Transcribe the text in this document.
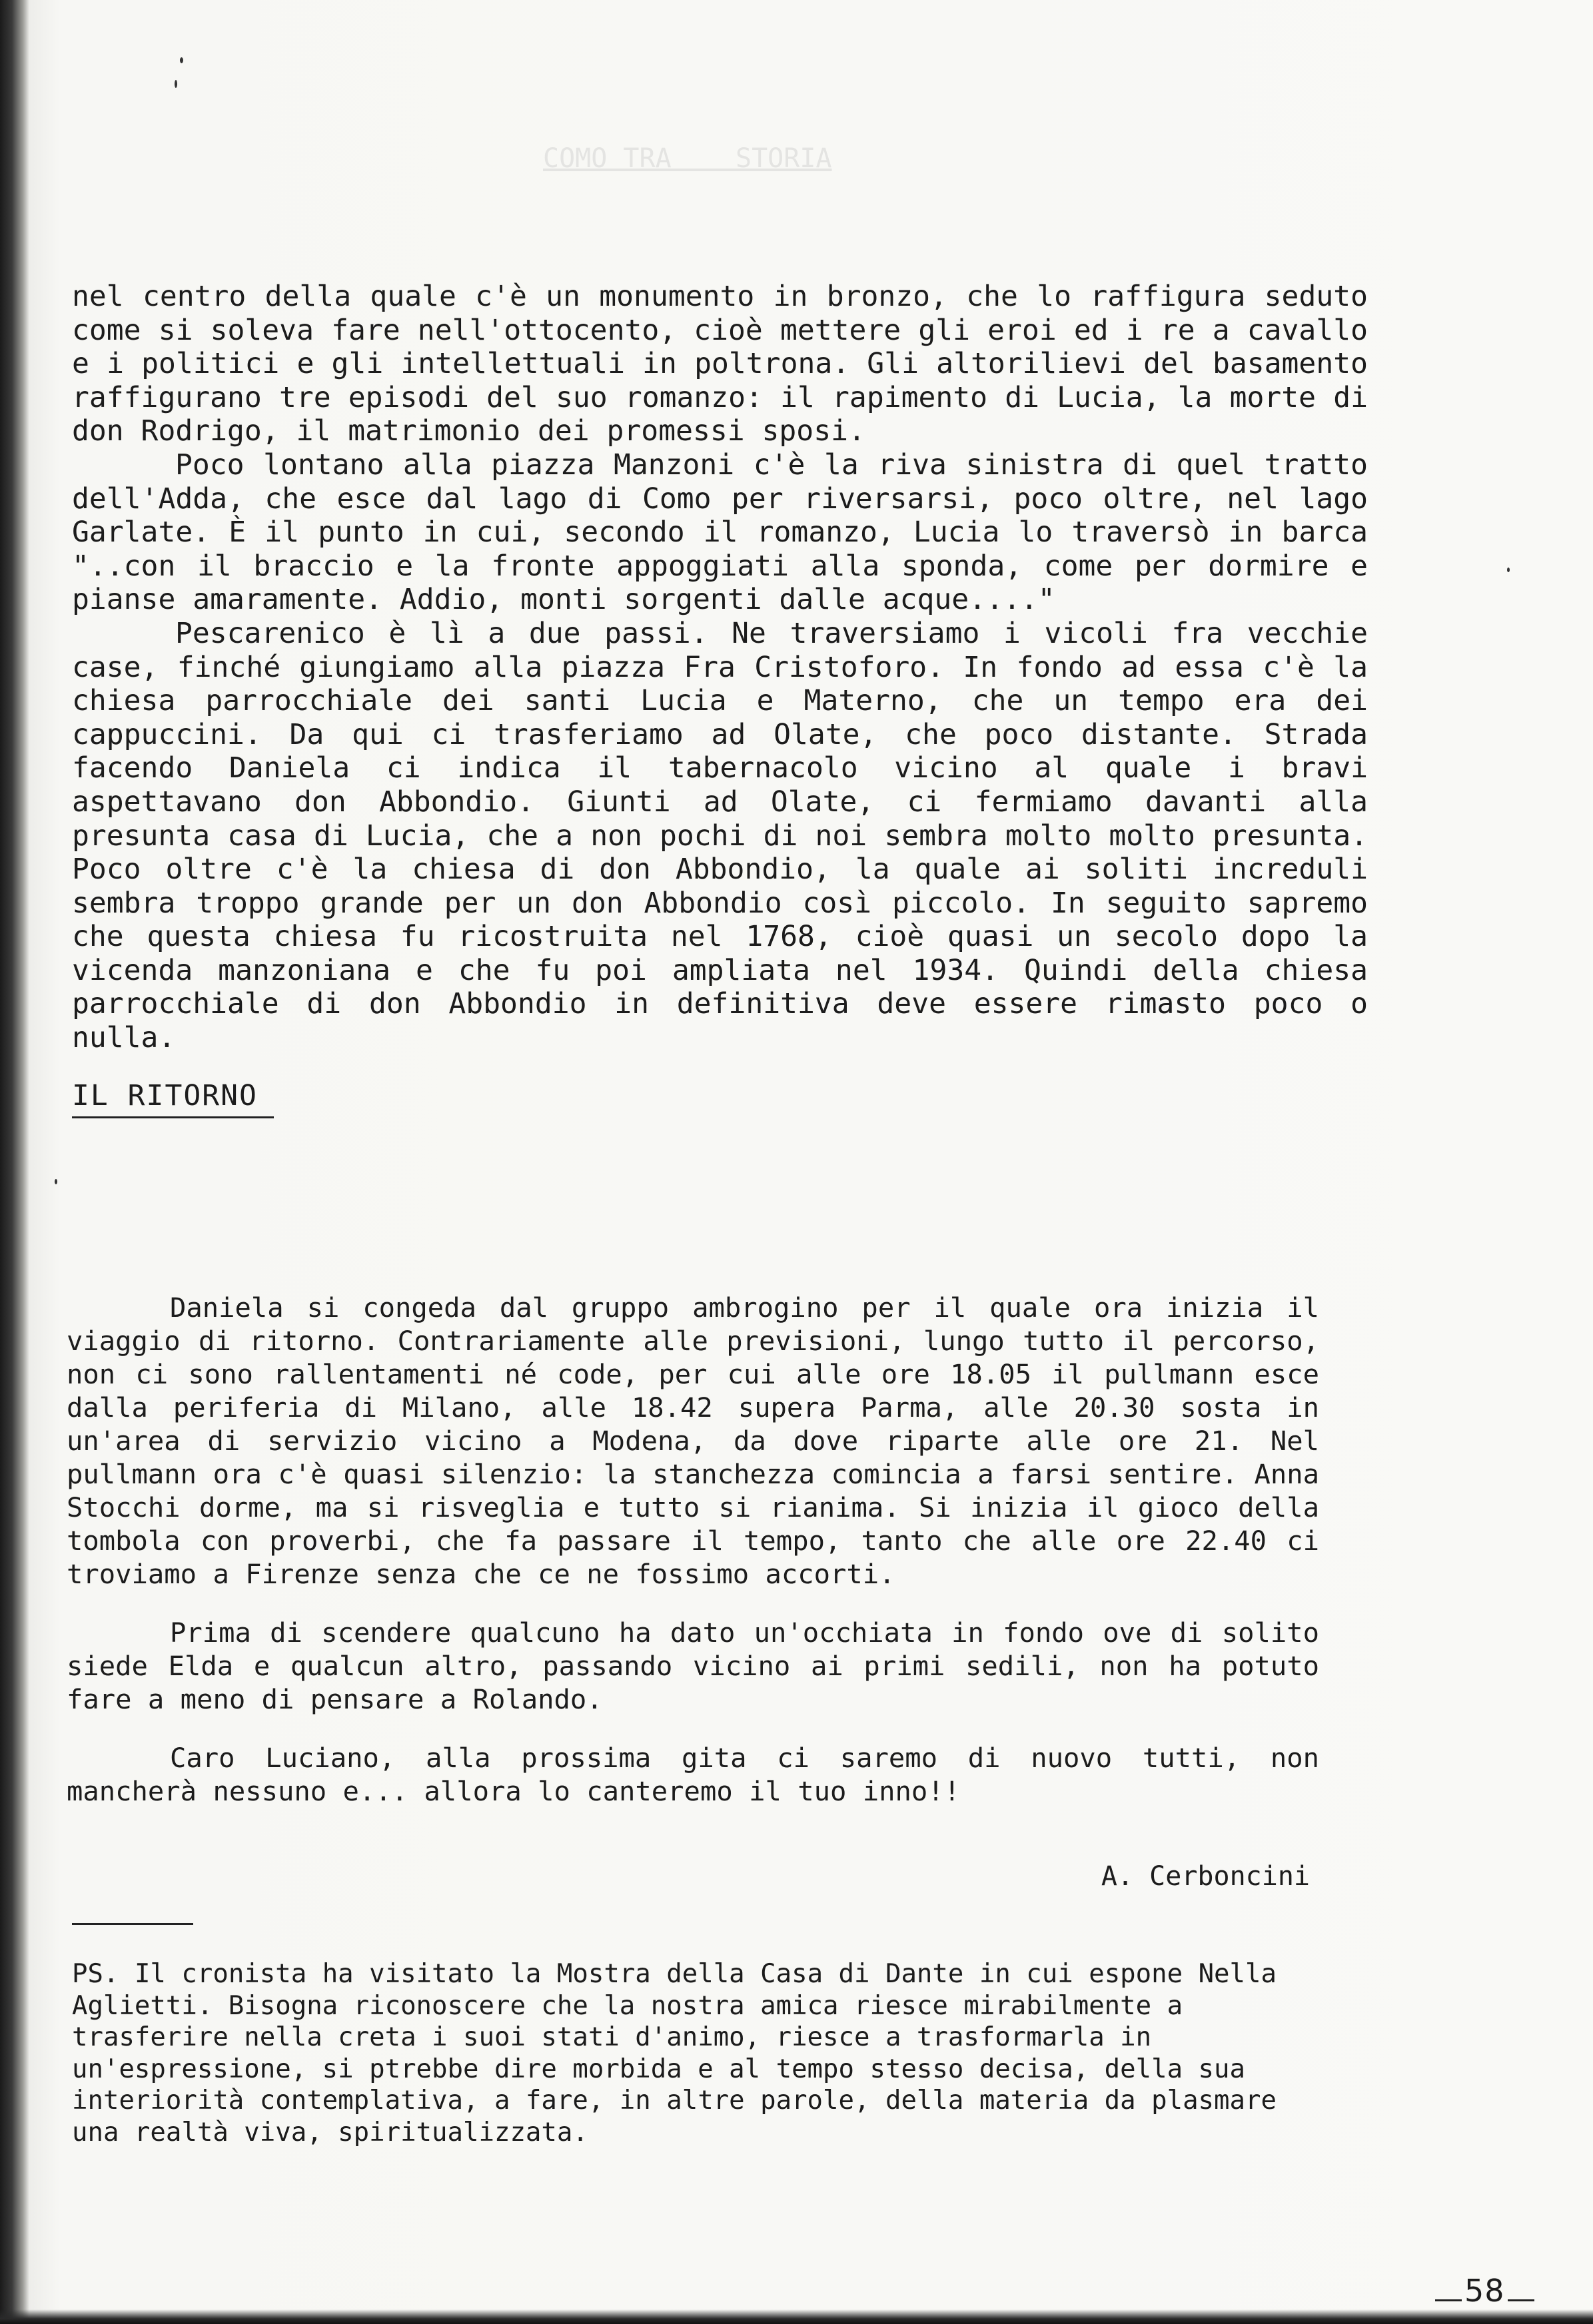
COMO TRA    STORIA

nel centro della quale c'è un monumento in bronzo, che lo raffigura seduto come si soleva fare nell'ottocento, cioè mettere gli eroi ed i re a cavallo e i politici e gli intellettuali in poltrona. Gli altorilievi del basamento raffigurano tre episodi del suo romanzo: il rapimento di Lucia, la morte di don Rodrigo, il matrimonio dei promessi sposi.

Poco lontano alla piazza Manzoni c'è la riva sinistra di quel tratto dell'Adda, che esce dal lago di Como per riversarsi, poco oltre, nel lago Garlate. È il punto in cui, secondo il romanzo, Lucia lo traversò in barca "..con il braccio e la fronte appoggiati alla sponda, come per dormire e pianse amaramente. Addio, monti sorgenti dalle acque...."

Pescarenico è lì a due passi. Ne traversiamo i vicoli fra vecchie case, finché giungiamo alla piazza Fra Cristoforo. In fondo ad essa c'è la chiesa parrocchiale dei santi Lucia e Materno, che un tempo era dei cappuccini. Da qui ci trasferiamo ad Olate, che poco distante. Strada facendo Daniela ci indica il tabernacolo vicino al quale i bravi aspettavano don Abbondio. Giunti ad Olate, ci fermiamo davanti alla presunta casa di Lucia, che a non pochi di noi sembra molto molto presunta. Poco oltre c'è la chiesa di don Abbondio, la quale ai soliti increduli sembra troppo grande per un don Abbondio così piccolo. In seguito sapremo che questa chiesa fu ricostruita nel 1768, cioè quasi un secolo dopo la vicenda manzoniana e che fu poi ampliata nel 1934. Quindi della chiesa parrocchiale di don Abbondio in definitiva deve essere rimasto poco o nulla.

IL RITORNO

Daniela si congeda dal gruppo ambrogino per il quale ora inizia il viaggio di ritorno. Contrariamente alle previsioni, lungo tutto il percorso, non ci sono rallentamenti né code, per cui alle ore 18.05 il pullmann esce dalla periferia di Milano, alle 18.42 supera Parma, alle 20.30 sosta in un'area di servizio vicino a Modena, da dove riparte alle ore 21. Nel pullmann ora c'è quasi silenzio: la stanchezza comincia a farsi sentire. Anna Stocchi dorme, ma si risveglia e tutto si rianima. Si inizia il gioco della tombola con proverbi, che fa passare il tempo, tanto che alle ore 22.40 ci troviamo a Firenze senza che ce ne fossimo accorti.

Prima di scendere qualcuno ha dato un'occhiata in fondo ove di solito siede Elda e qualcun altro, passando vicino ai primi sedili, non ha potuto fare a meno di pensare a Rolando.

Caro Luciano, alla prossima gita ci saremo di nuovo tutti, non mancherà nessuno e... allora lo canteremo il tuo inno!!

A. Cerboncini
PS. Il cronista ha visitato la Mostra della Casa di Dante in cui espone Nella Aglietti. Bisogna riconoscere che la nostra amica riesce mirabilmente a trasferire nella creta i suoi stati d'animo, riesce a trasformarla in un'espressione, si ptrebbe dire morbida e al tempo stesso decisa, della sua interiorità contemplativa, a fare, in altre parole, della materia da plasmare una realtà viva, spiritualizzata.
58
